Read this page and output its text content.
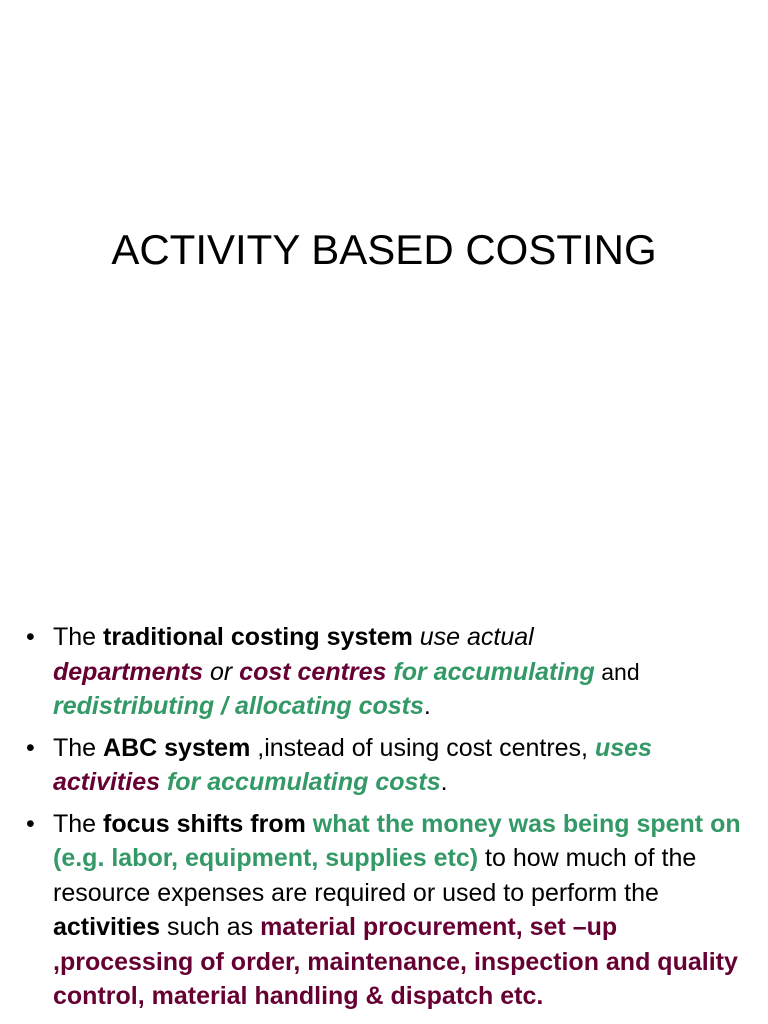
ACTIVITY BASED COSTING
• The traditional costing system use actual
departments or cost centres for accumulating and
redistributing / allocating costs.
• The ABC system ,instead of using cost centres, uses
activities for accumulating costs.
• The focus shifts from what the money was being spent on (e.g. labor, equipment, supplies etc) to how much of the resource expenses are required or used to perform the activities such as material procurement, set –up ,processing of order, maintenance, inspection and quality control, material handling & dispatch etc.
